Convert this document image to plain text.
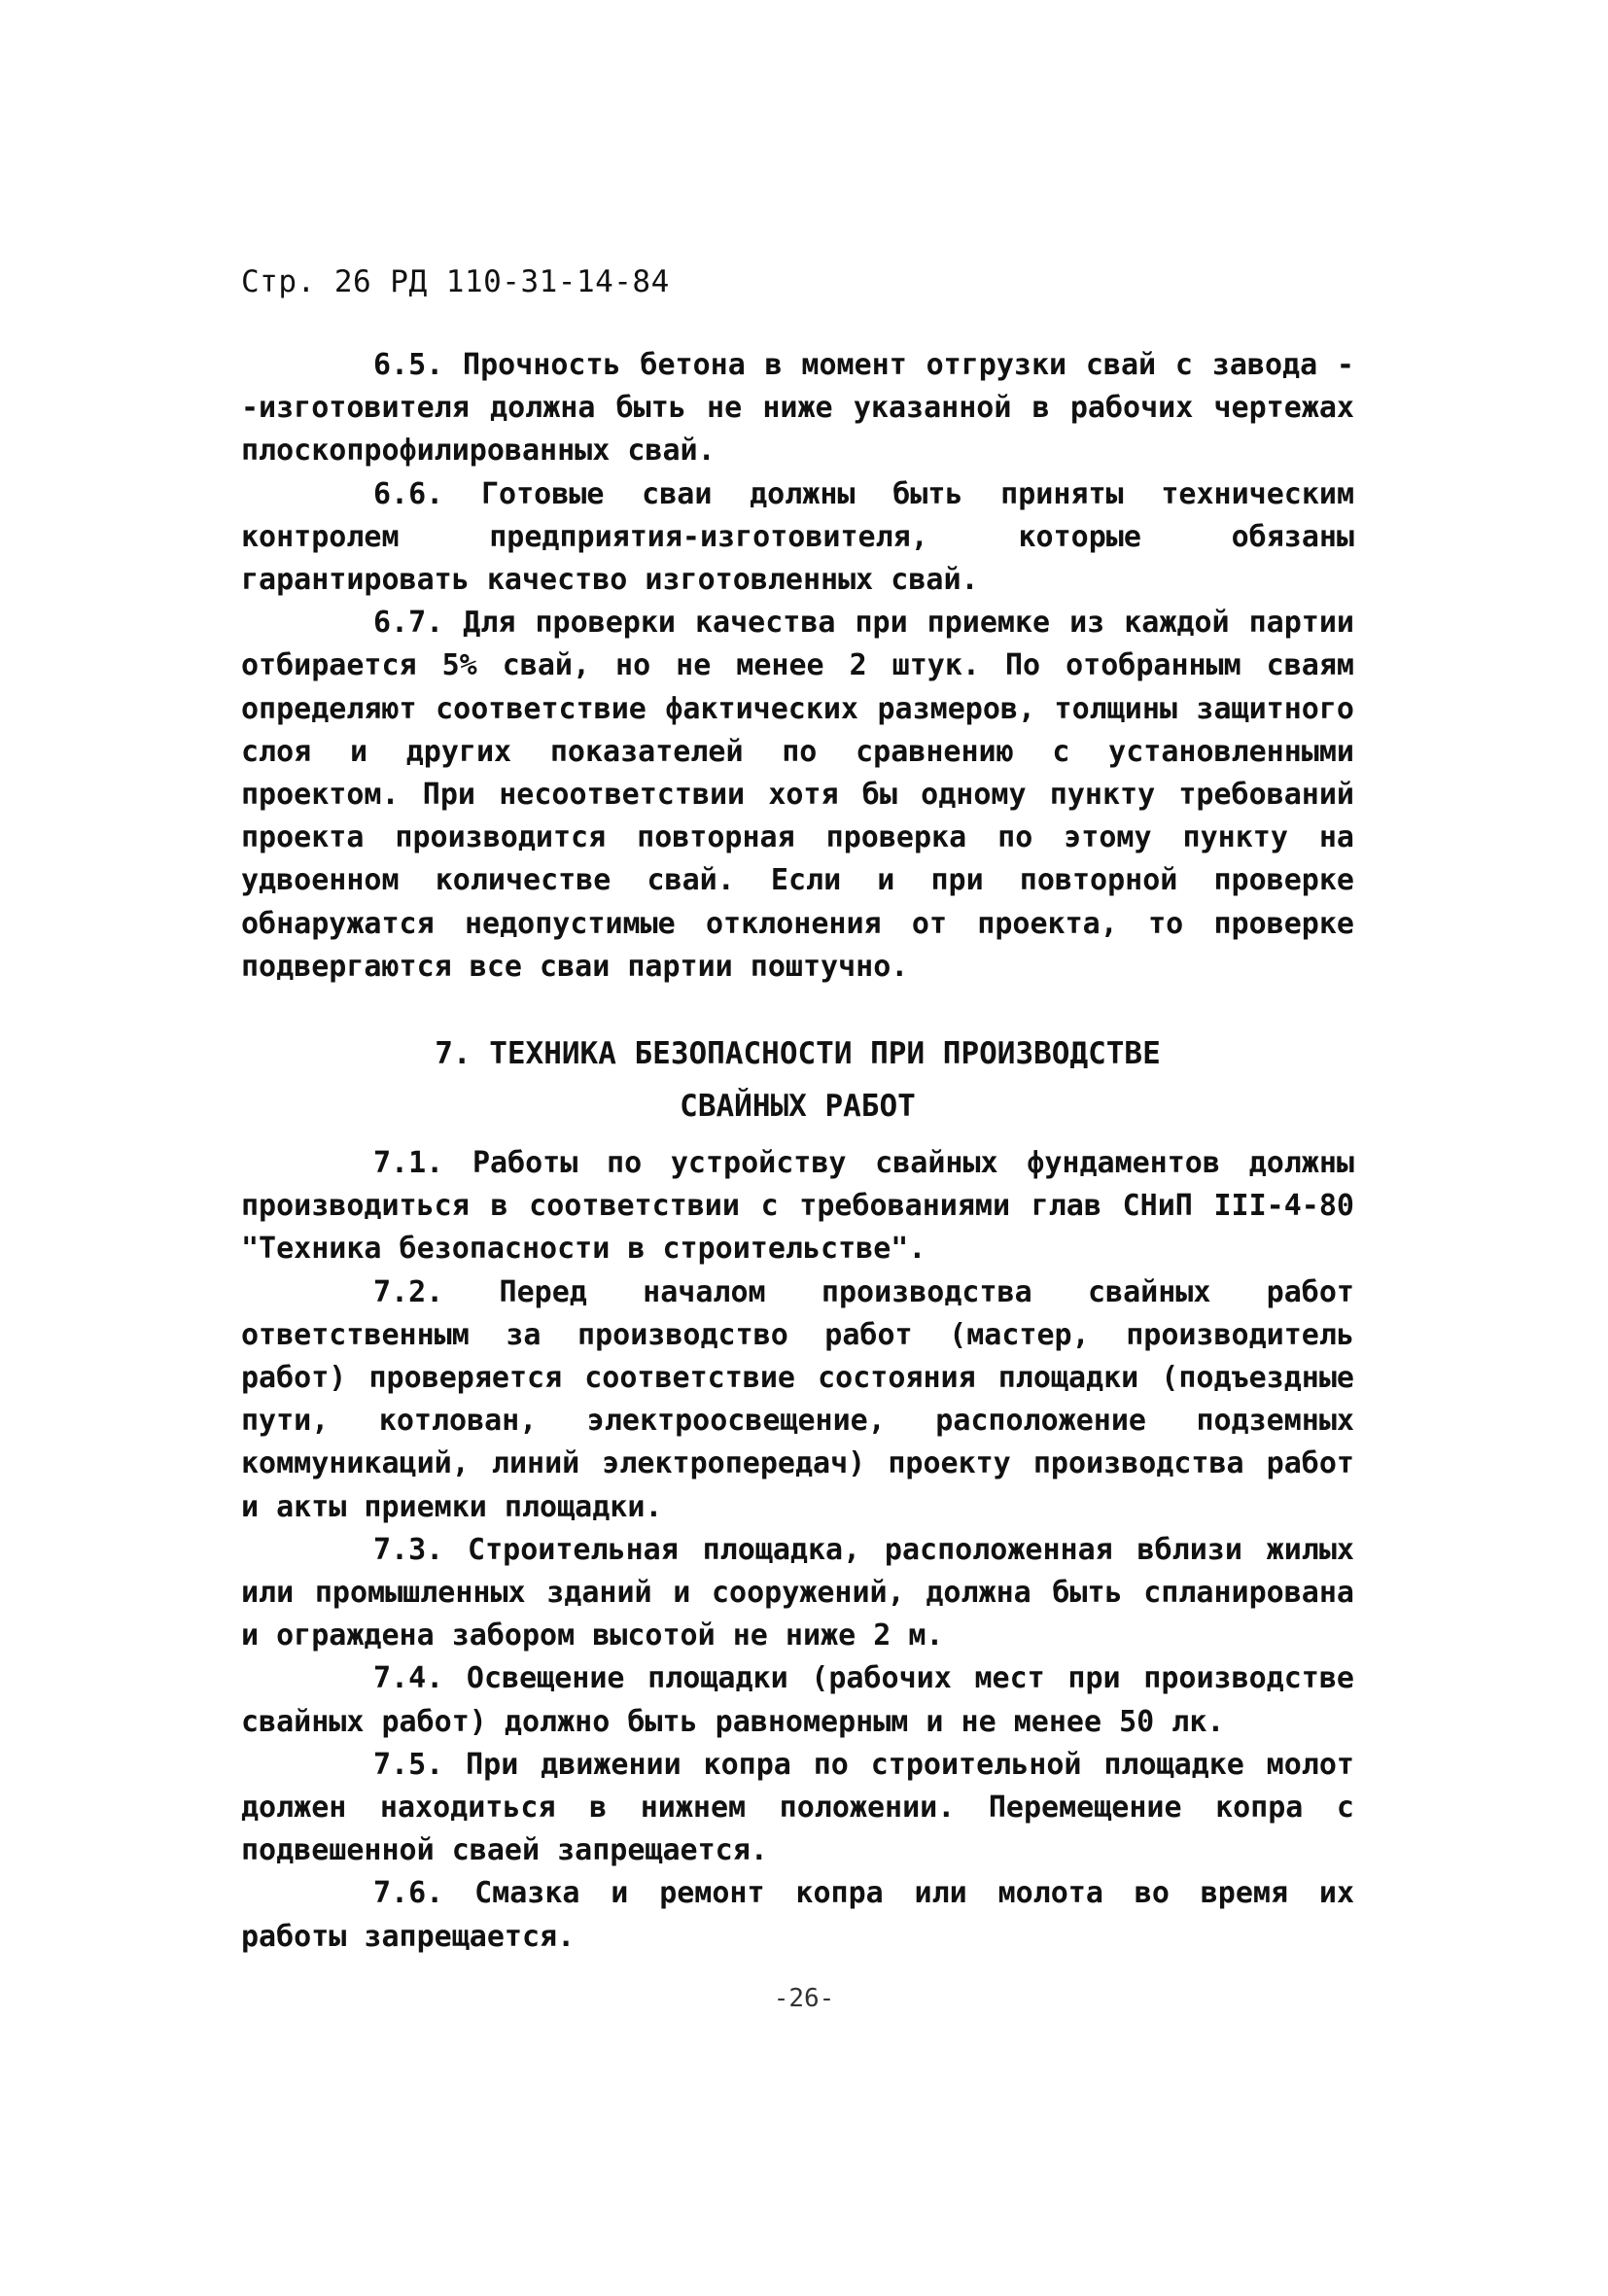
Стр. 26 РД 110-31-14-84

6.5. Прочность бетона в момент отгрузки свай с завода - -изготовителя должна быть не ниже указанной в рабочих чертежах плоскопрофилированных свай.

6.6. Готовые сваи должны быть приняты техническим контролем предприятия-изготовителя, которые обязаны гарантировать качество изготовленных свай.

6.7. Для проверки качества при приемке из каждой партии отбирается 5% свай, но не менее 2 штук. По отобранным сваям определяют соответствие фактических размеров, толщины защитного слоя и других показателей по сравнению с установленными проектом. При несоответствии хотя бы одному пункту требований проекта производится повторная проверка по этому пункту на удвоенном количестве свай. Если и при повторной проверке обнаружатся недопустимые отклонения от проекта, то проверке подвергаются все сваи партии поштучно.

7. ТЕХНИКА БЕЗОПАСНОСТИ ПРИ ПРОИЗВОДСТВЕ
СВАЙНЫХ РАБОТ

7.1. Работы по устройству свайных фундаментов должны производиться в соответствии с требованиями глав СНиП III-4-80 "Техника безопасности в строительстве".

7.2. Перед началом производства свайных работ ответственным за производство работ (мастер, производитель работ) проверяется соответствие состояния площадки (подъездные пути, котлован, электроосвещение, расположение подземных коммуникаций, линий электропередач) проекту производства работ и акты приемки площадки.

7.3. Строительная площадка, расположенная вблизи жилых или промышленных зданий и сооружений, должна быть спланирована и ограждена забором высотой не ниже 2 м.

7.4. Освещение площадки (рабочих мест при производстве свайных работ) должно быть равномерным и не менее 50 лк.

7.5. При движении копра по строительной площадке молот должен находиться в нижнем положении. Перемещение копра с подвешенной сваей запрещается.

7.6. Смазка и ремонт копра или молота во время их работы запрещается.

-26-
